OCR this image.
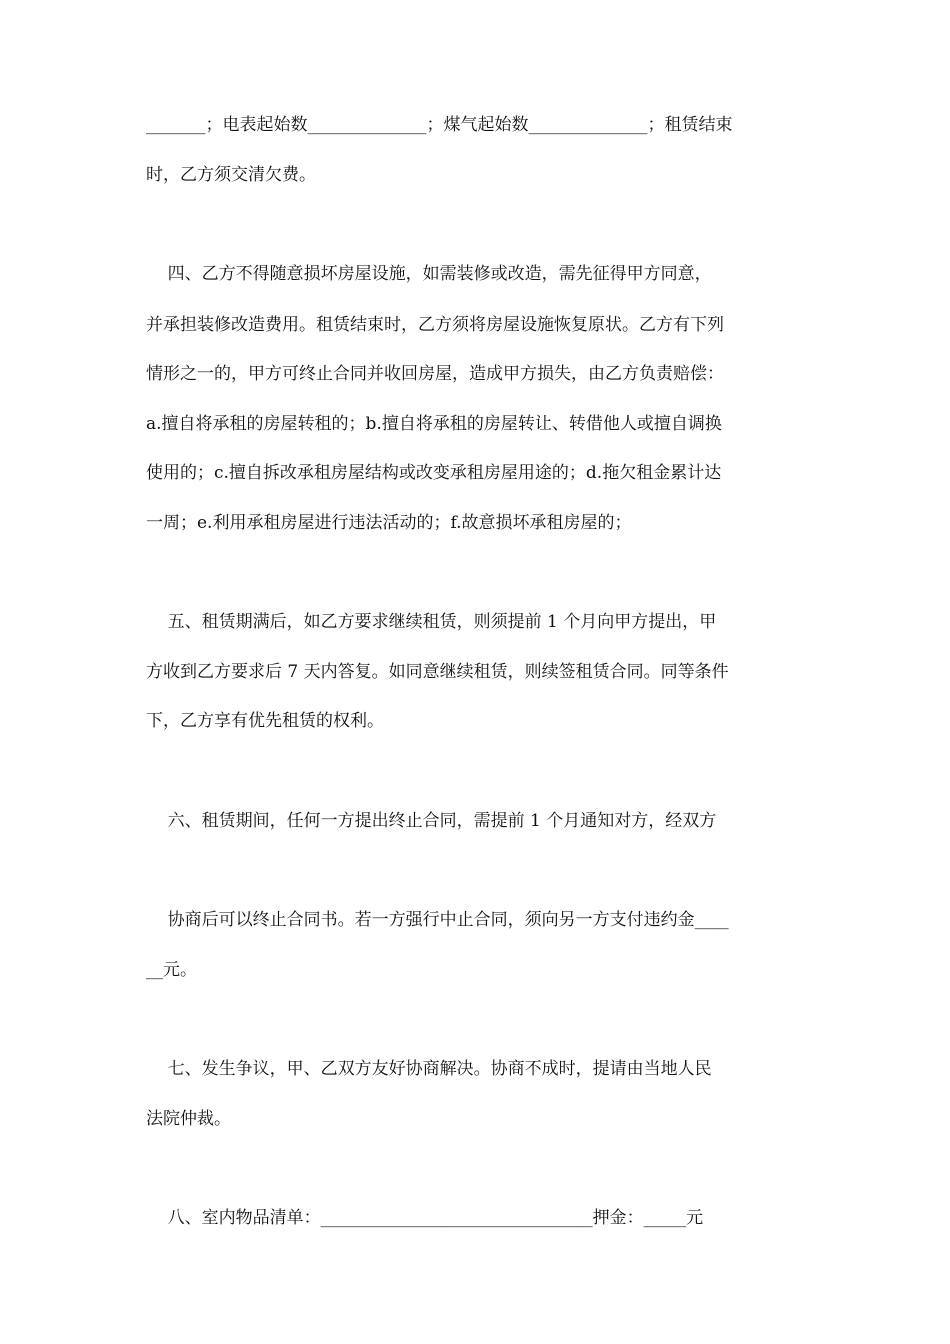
_______；电表起始数______________；煤气起始数______________；租赁结束
时，乙方须交清欠费。
四、乙方不得随意损坏房屋设施，如需装修或改造，需先征得甲方同意，
并承担装修改造费用。租赁结束时，乙方须将房屋设施恢复原状。乙方有下列
情形之一的，甲方可终止合同并收回房屋，造成甲方损失，由乙方负责赔偿：
a.擅自将承租的房屋转租的；b.擅自将承租的房屋转让、转借他人或擅自调换
使用的；c.擅自拆改承租房屋结构或改变承租房屋用途的；d.拖欠租金累计达
一周；e.利用承租房屋进行违法活动的；f.故意损坏承租房屋的；
五、租赁期满后，如乙方要求继续租赁，则须提前 1 个月向甲方提出，甲
方收到乙方要求后 7 天内答复。如同意继续租赁，则续签租赁合同。同等条件
下，乙方享有优先租赁的权利。
六、租赁期间，任何一方提出终止合同，需提前 1 个月通知对方，经双方
协商后可以终止合同书。若一方强行中止合同，须向另一方支付违约金____
__元。
七、发生争议，甲、乙双方友好协商解决。协商不成时，提请由当地人民
法院仲裁。
八、室内物品清单：________________________________押金：_____元
